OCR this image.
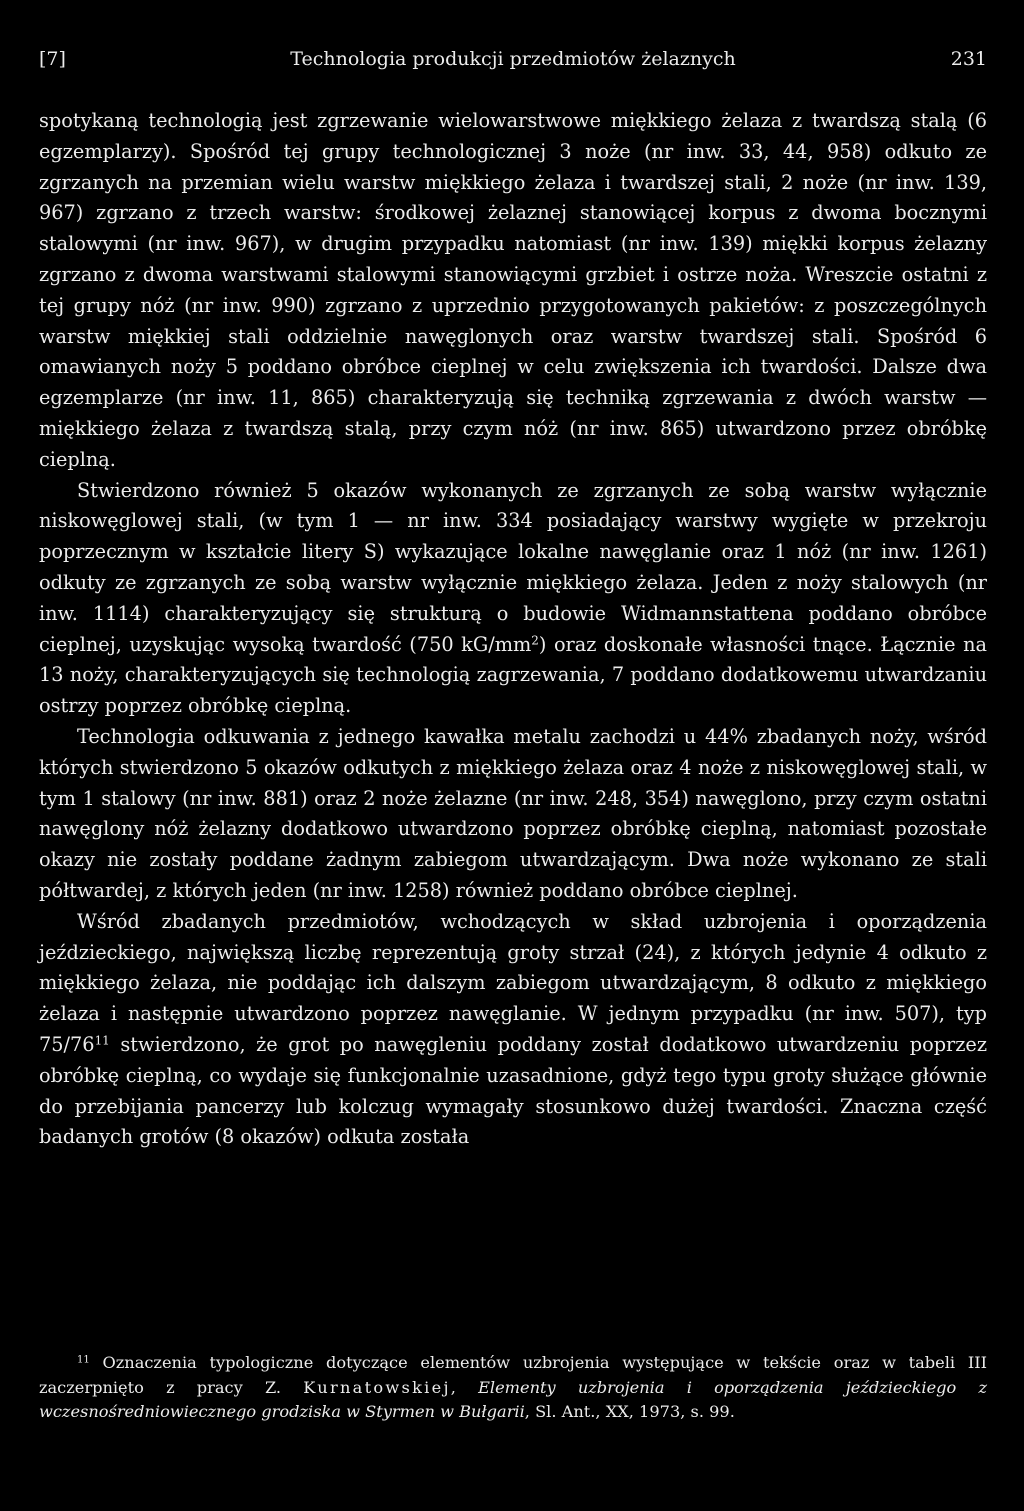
[7]	Technologia produkcji przedmiotów żelaznych	231

spotykaną technologią jest zgrzewanie wielowarstwowe miękkiego żelaza z twardszą stalą (6 egzemplarzy). Spośród tej grupy technologicznej 3 noże (nr inw. 33, 44, 958) odkuto ze zgrzanych na przemian wielu warstw miękkiego żelaza i twardszej stali, 2 noże (nr inw. 139, 967) zgrzano z trzech warstw: środkowej żelaznej stanowiącej korpus z dwoma bocznymi stalowymi (nr inw. 967), w drugim przypadku natomiast (nr inw. 139) miękki korpus żelazny zgrzano z dwoma warstwami stalowymi stanowiącymi grzbiet i ostrze noża. Wreszcie ostatni z tej grupy nóż (nr inw. 990) zgrzano z uprzednio przygotowanych pakietów: z poszczególnych warstw miękkiej stali oddzielnie nawęglonych oraz warstw twardszej stali. Spośród 6 omawianych noży 5 poddano obróbce cieplnej w celu zwiększenia ich twardości. Dalsze dwa egzemplarze (nr inw. 11, 865) charakteryzują się techniką zgrzewania z dwóch warstw — miękkiego żelaza z twardszą stalą, przy czym nóż (nr inw. 865) utwardzono przez obróbkę cieplną.

Stwierdzono również 5 okazów wykonanych ze zgrzanych ze sobą warstw wyłącznie niskowęglowej stali, (w tym 1 — nr inw. 334 posiadający warstwy wygięte w przekroju poprzecznym w kształcie litery S) wykazujące lokalne nawęglanie oraz 1 nóż (nr inw. 1261) odkuty ze zgrzanych ze sobą warstw wyłącznie miękkiego żelaza. Jeden z noży stalowych (nr inw. 1114) charakteryzujący się strukturą o budowie Widmannstattena poddano obróbce cieplnej, uzyskując wysoką twardość (750 $kG/mm^2$) oraz doskonałe własności tnące. Łącznie na 13 noży, charakteryzujących się technologią zagrzewania, 7 poddano dodatkowemu utwardzaniu ostrzy poprzez obróbkę cieplną.

Technologia odkuwania z jednego kawałka metalu zachodzi u 44% zbadanych noży, wśród których stwierdzono 5 okazów odkutych z miękkiego żelaza oraz 4 noże z niskowęglowej stali, w tym 1 stalowy (nr inw. 881) oraz 2 noże żelazne (nr inw. 248, 354) nawęglono, przy czym ostatni nawęglony nóż żelazny dodatkowo utwardzono poprzez obróbkę cieplną, natomiast pozostałe okazy nie zostały poddane żadnym zabiegom utwardzającym. Dwa noże wykonano ze stali półtwardej, z których jeden (nr inw. 1258) również poddano obróbce cieplnej.

Wśród zbadanych przedmiotów, wchodzących w skład uzbrojenia i oporządzenia jeździeckiego, największą liczbę reprezentują groty strzał (24), z których jedynie 4 odkuto z miękkiego żelaza, nie poddając ich dalszym zabiegom utwardzającym, 8 odkuto z miękkiego żelaza i następnie utwardzono poprzez nawęglanie. W jednym przypadku (nr inw. 507), typ $75/76^{11}$ stwierdzono, że grot po nawęgleniu poddany został dodatkowo utwardzeniu poprzez obróbkę cieplną, co wydaje się funkcjonalnie uzasadnione, gdyż tego typu groty służące głównie do przebijania pancerzy lub kolczug wymagały stosunkowo dużej twardości. Znaczna część badanych grotów (8 okazów) odkuta została

$^{11}$ Oznaczenia typologiczne dotyczące elementów uzbrojenia występujące w tekście oraz w tabeli III zaczerpnięto z pracy Z. Kurnatowskiej, Elementy uzbrojenia i oporządzenia jeździeckiego z wczesnośredniowiecznego grodziska w Styrmen w Bułgarii, Sl. Ant., XX, 1973, s. 99.
